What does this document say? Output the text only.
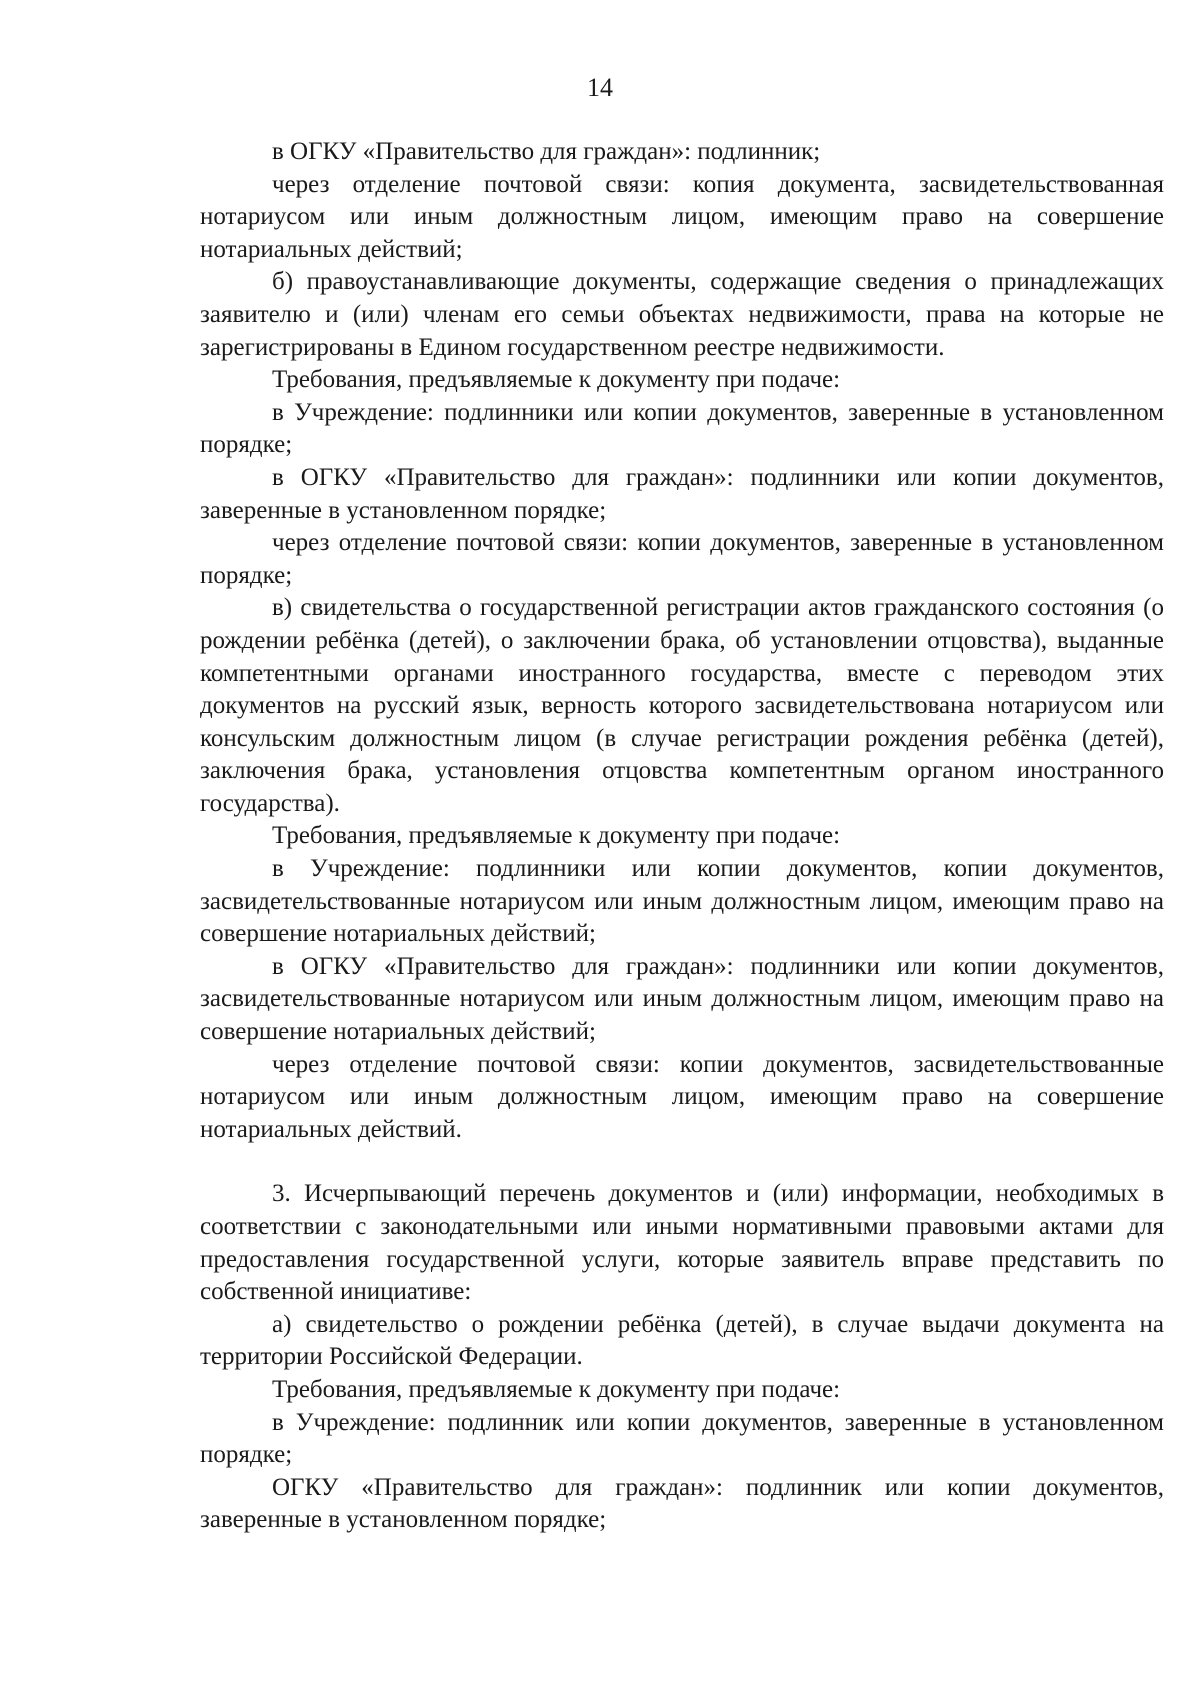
14

в ОГКУ «Правительство для граждан»: подлинник;

через отделение почтовой связи: копия документа, засвидетельствованная нотариусом или иным должностным лицом, имеющим право на совершение нотариальных действий;

б) правоустанавливающие документы, содержащие сведения о принадлежащих заявителю и (или) членам его семьи объектах недвижимости, права на которые не зарегистрированы в Едином государственном реестре недвижимости.

Требования, предъявляемые к документу при подаче:

в Учреждение: подлинники или копии документов, заверенные в установленном порядке;

в ОГКУ «Правительство для граждан»: подлинники или копии документов, заверенные в установленном порядке;

через отделение почтовой связи: копии документов, заверенные в установленном порядке;

в) свидетельства о государственной регистрации актов гражданского состояния (о рождении ребёнка (детей), о заключении брака, об установлении отцовства), выданные компетентными органами иностранного государства, вместе с переводом этих документов на русский язык, верность которого засвидетельствована нотариусом или консульским должностным лицом (в случае регистрации рождения ребёнка (детей), заключения брака, установления отцовства компетентным органом иностранного государства).

Требования, предъявляемые к документу при подаче:

в Учреждение: подлинники или копии документов, копии документов, засвидетельствованные нотариусом или иным должностным лицом, имеющим право на совершение нотариальных действий;

в ОГКУ «Правительство для граждан»: подлинники или копии документов, засвидетельствованные нотариусом или иным должностным лицом, имеющим право на совершение нотариальных действий;

через отделение почтовой связи: копии документов, засвидетельствованные нотариусом или иным должностным лицом, имеющим право на совершение нотариальных действий.

3. Исчерпывающий перечень документов и (или) информации, необходимых в соответствии с законодательными или иными нормативными правовыми актами для предоставления государственной услуги, которые заявитель вправе представить по собственной инициативе:

а) свидетельство о рождении ребёнка (детей), в случае выдачи документа на территории Российской Федерации.

Требования, предъявляемые к документу при подаче:

в Учреждение: подлинник или копии документов, заверенные в установленном порядке;

ОГКУ «Правительство для граждан»: подлинник или копии документов, заверенные в установленном порядке;
